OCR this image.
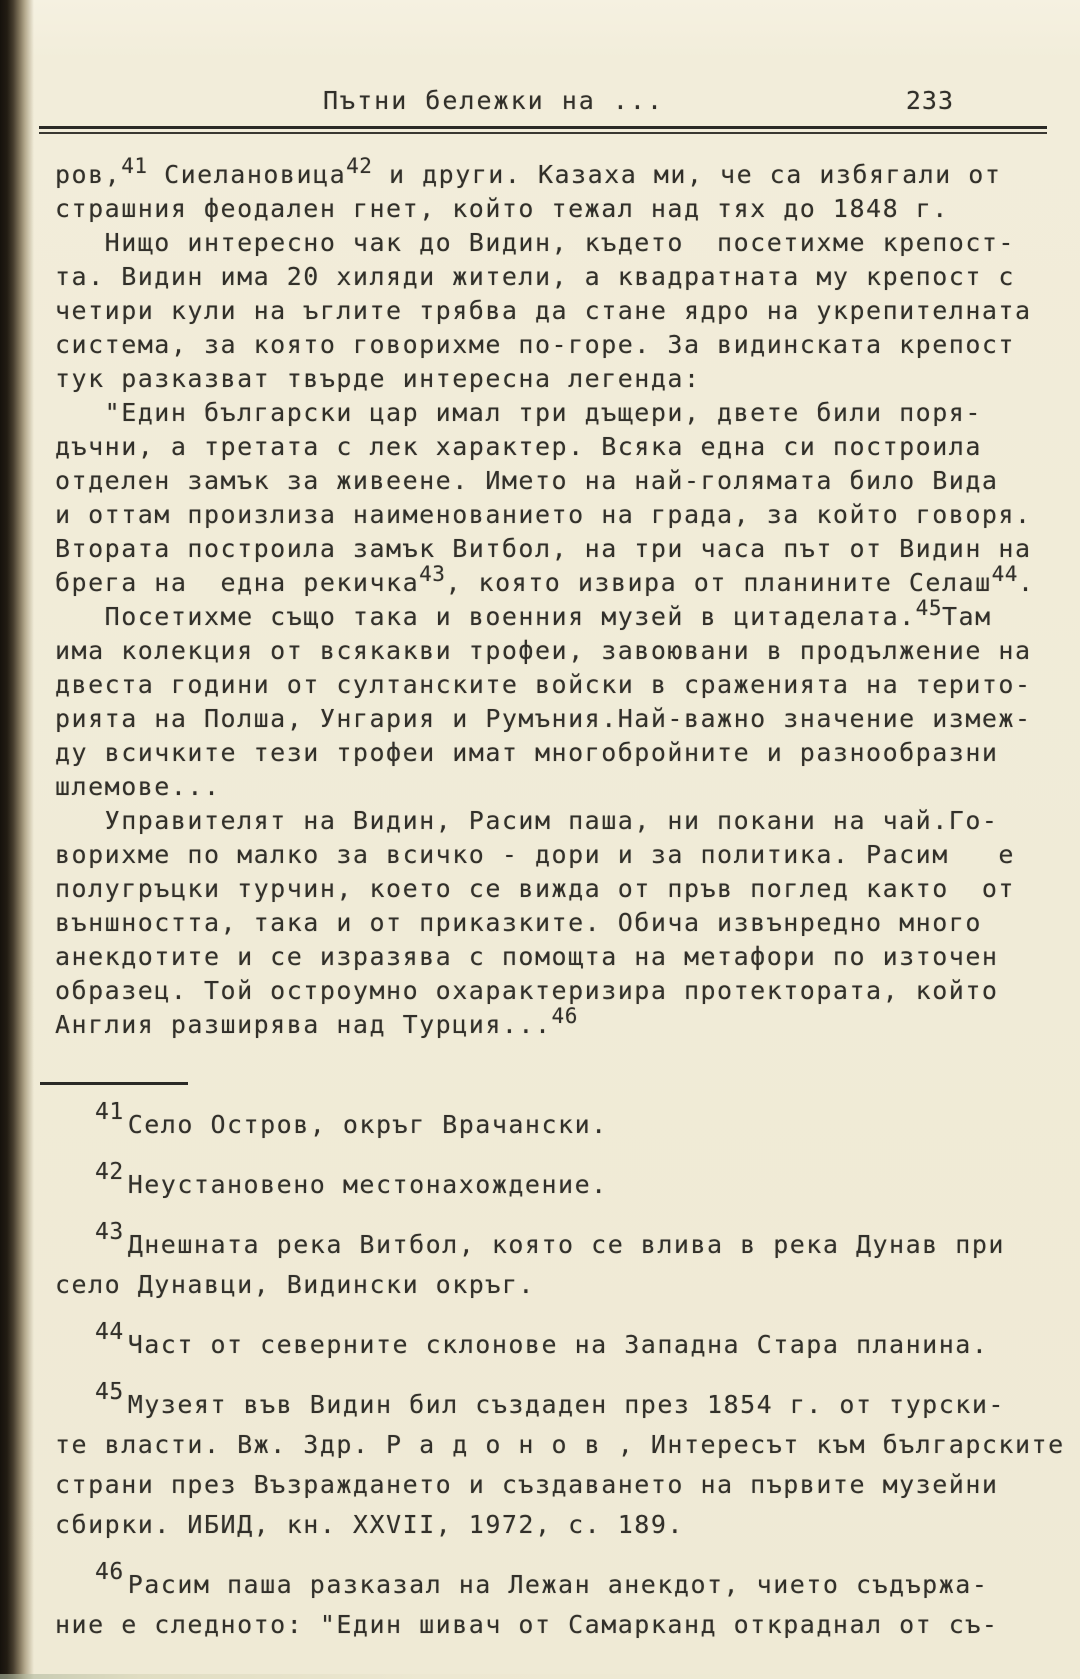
Пътни бележки на ...	233
ров,$^{41}$ Сиелановица$^{42}$ и други. Казаха ми, че са избягали от
страшния феодален гнет, който тежал над тях до 1848 г.
Нищо интересно чак до Видин, където  посетихме крепост-
та. Видин има 20 хиляди жители, а квадратната му крепост с
четири кули на ъглите трябва да стане ядро на укрепителната
система, за която говорихме по-горе. За видинската крепост
тук разказват твърде интересна легенда:
"Един български цар имал три дъщери, двете били поря-
дъчни, а третата с лек характер. Всяка една си построила
отделен замък за живеене. Името на най-голямата било Вида
и оттам произлиза наименованието на града, за който говоря.
Втората построила замък Витбол, на три часа път от Видин на
брега на  една рекичка$^{43}$, която извира от планините Селаш$^{44}$.
Посетихме също така и военния музей в цитаделата.$^{45}$Там
има колекция от всякакви трофеи, завоювани в продължение на
двеста години от султанските войски в сраженията на терито-
рията на Полша, Унгария и Румъния.Най-важно значение измеж-
ду всичките тези трофеи имат многобройните и разнообразни
шлемове...
Управителят на Видин, Расим паша, ни покани на чай.Го-
ворихме по малко за всичко - дори и за политика. Расим   е
полугръцки турчин, което се вижда от пръв поглед както  от
външността, така и от приказките. Обича извънредно много
анекдотите и се изразява с помощта на метафори по източен
образец. Той остроумно охарактеризира протектората, който
Англия разширява над Турция...$^{46}$
41 Село Остров, окръг Врачански.
42 Неустановено местонахождение.
43 Днешната река Витбол, която се влива в река Дунав при
село Дунавци, Видински окръг.
44 Част от северните склонове на Западна Стара планина.
45 Музеят във Видин бил създаден през 1854 г. от турски-
те власти. Вж. Здр. Р а д о н о в , Интересът към българските
страни през Възраждането и създаването на първите музейни
сбирки. ИБИД, кн. XXVII, 1972, с. 189.
46 Расим паша разказал на Лежан анекдот, чието съдържа-
ние е следното: "Един шивач от Самарканд откраднал от съ-
